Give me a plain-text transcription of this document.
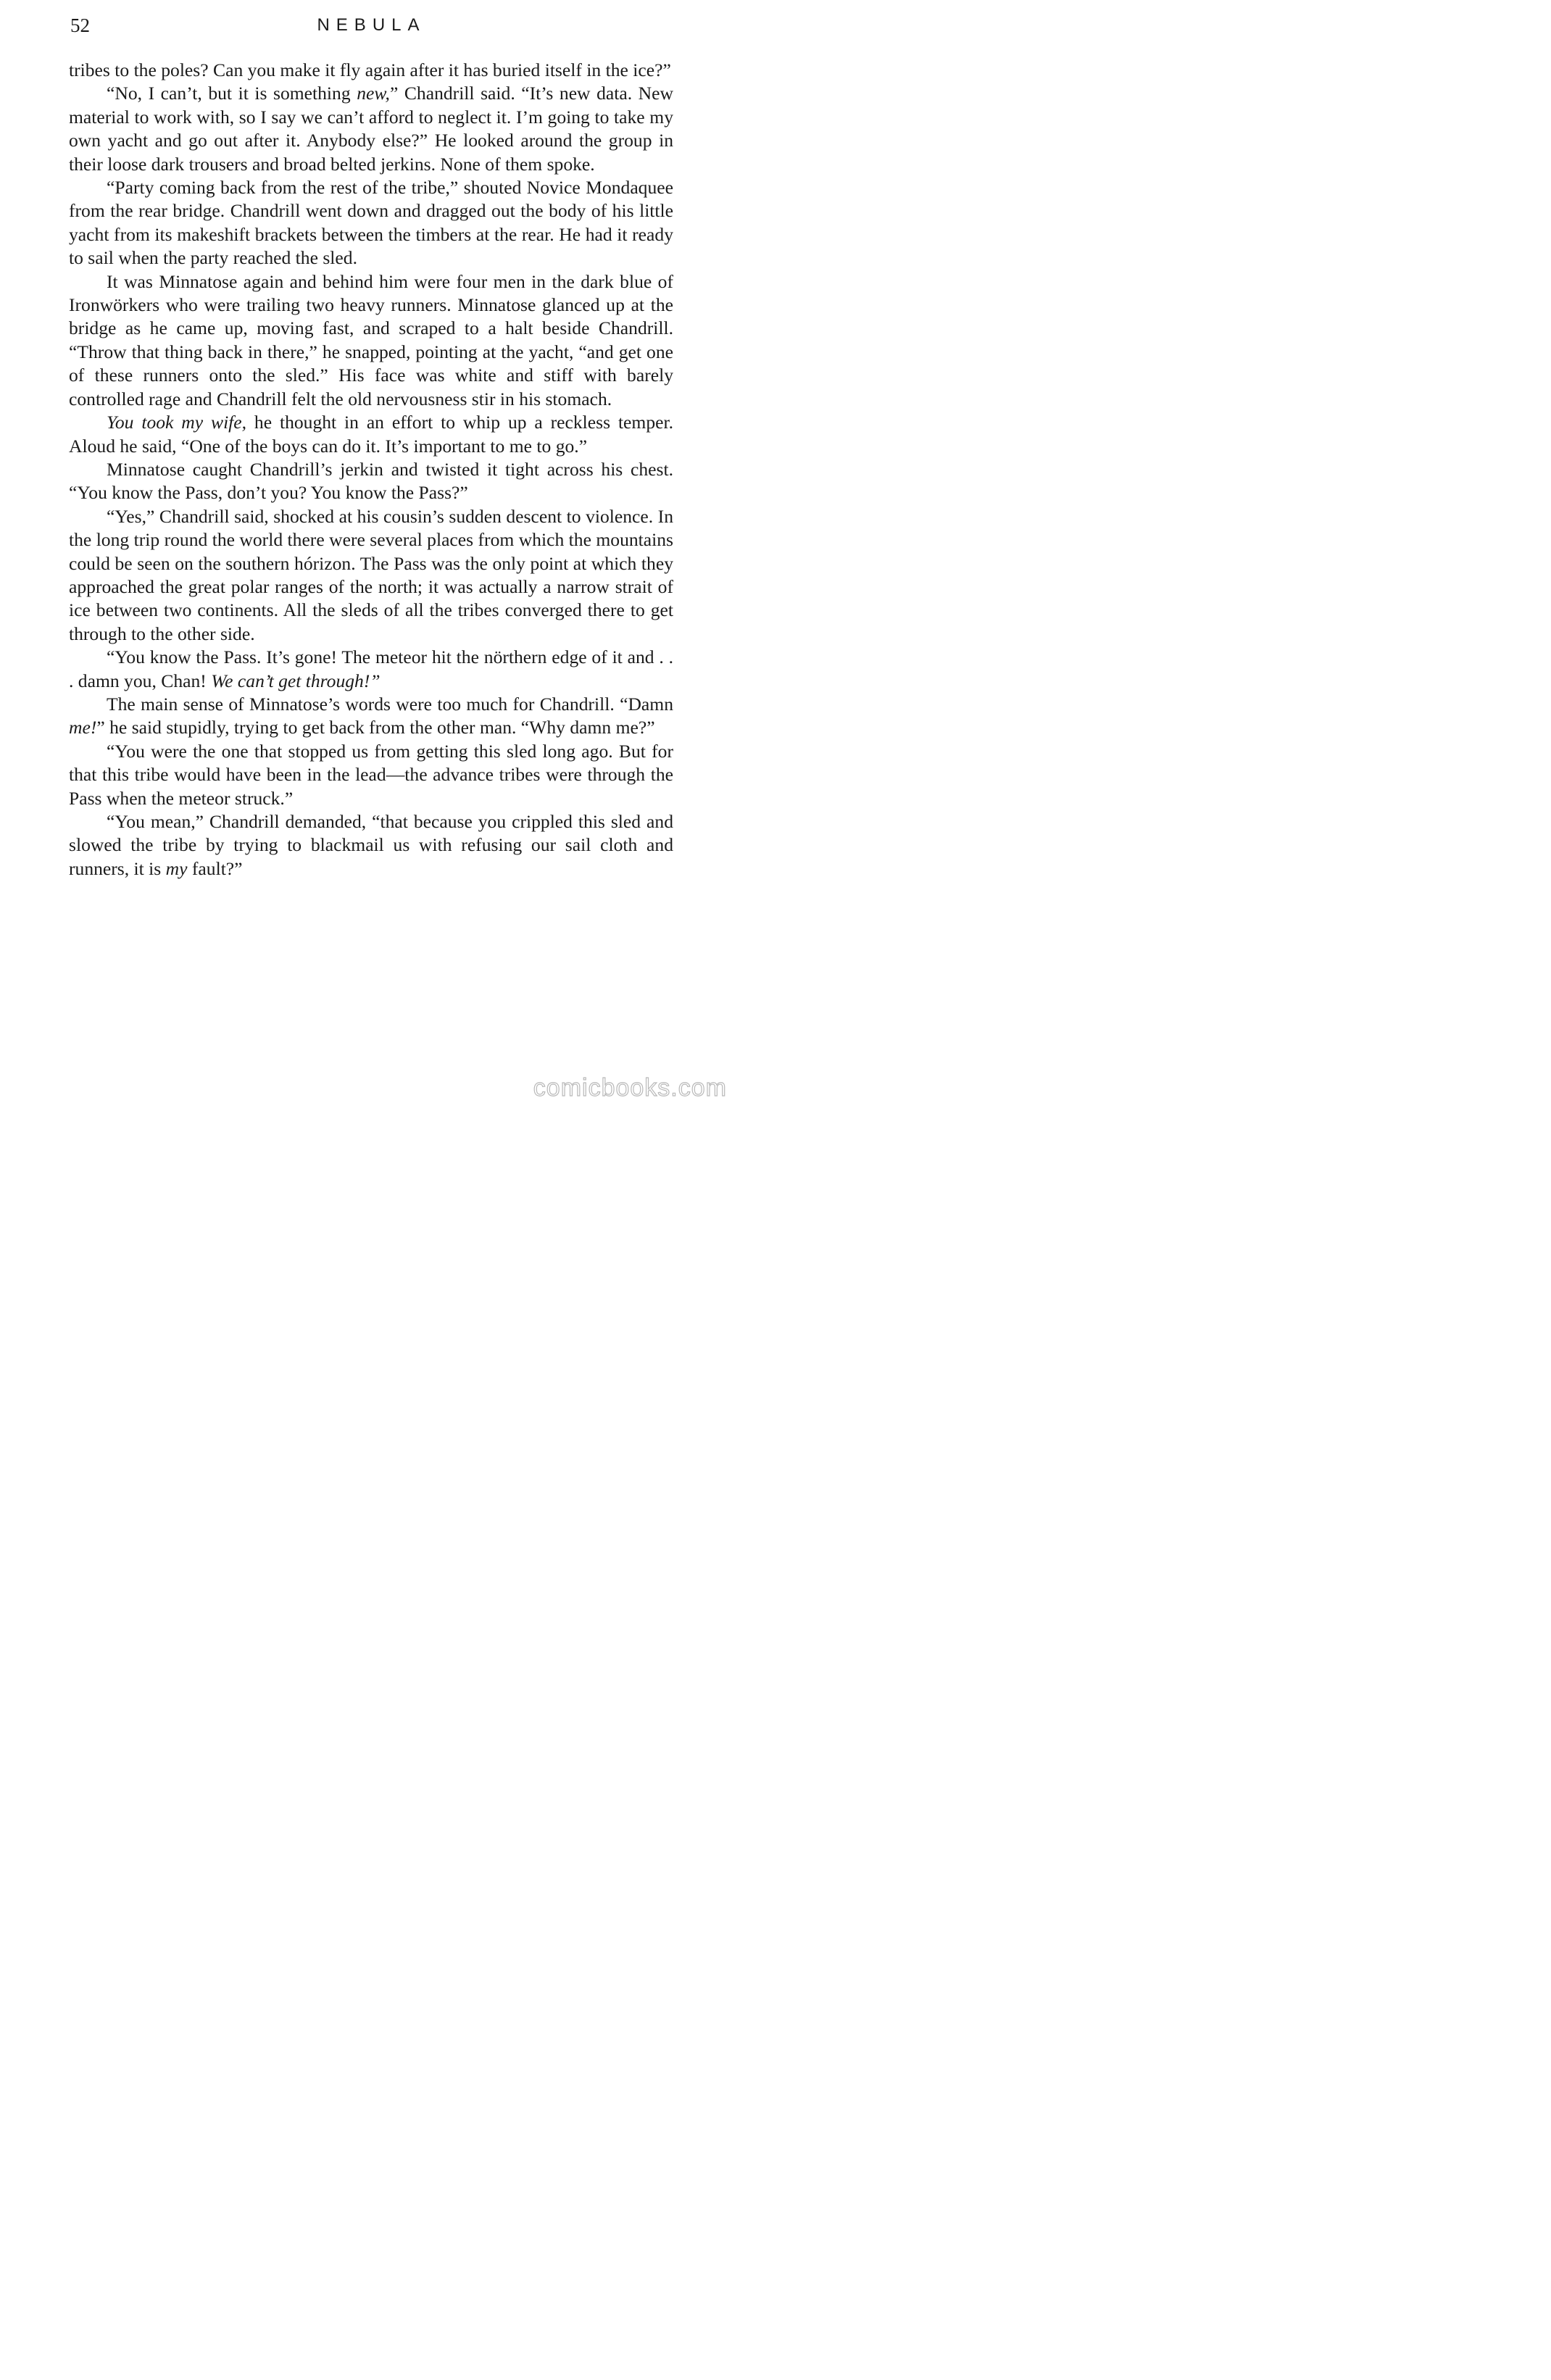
52	NEBULA

tribes to the poles? Can you make it fly again after it has buried itself in the ice?”

“No, I can’t, but it is something new,” Chandrill said. “It’s new data. New material to work with, so I say we can’t afford to neglect it. I’m going to take my own yacht and go out after it. Anybody else?” He looked around the group in their loose dark trousers and broad belted jerkins. None of them spoke.

“Party coming back from the rest of the tribe,” shouted Novice Mondaquee from the rear bridge. Chandrill went down and dragged out the body of his little yacht from its makeshift brackets between the timbers at the rear. He had it ready to sail when the party reached the sled.

It was Minnatose again and behind him were four men in the dark blue of Ironwörkers who were trailing two heavy runners. Minnatose glanced up at the bridge as he came up, moving fast, and scraped to a halt beside Chandrill. “Throw that thing back in there,” he snapped, pointing at the yacht, “and get one of these runners onto the sled.” His face was white and stiff with barely controlled rage and Chandrill felt the old nervousness stir in his stomach.

You took my wife, he thought in an effort to whip up a reckless temper. Aloud he said, “One of the boys can do it. It’s important to me to go.”

Minnatose caught Chandrill’s jerkin and twisted it tight across his chest. “You know the Pass, don’t you? You know the Pass?”

“Yes,” Chandrill said, shocked at his cousin’s sudden descent to violence. In the long trip round the world there were several places from which the mountains could be seen on the southern hórizon. The Pass was the only point at which they approached the great polar ranges of the north; it was actually a narrow strait of ice between two continents. All the sleds of all the tribes converged there to get through to the other side.

“You know the Pass. It’s gone! The meteor hit the nörthern edge of it and . . . damn you, Chan! We can’t get through!”

The main sense of Minnatose’s words were too much for Chandrill. “Damn me!” he said stupidly, trying to get back from the other man. “Why damn me?”

“You were the one that stopped us from getting this sled long ago. But for that this tribe would have been in the lead—the advance tribes were through the Pass when the meteor struck.”

“You mean,” Chandrill demanded, “that because you crippled this sled and slowed the tribe by trying to blackmail us with refusing our sail cloth and runners, it is my fault?”

comicbooks.com
